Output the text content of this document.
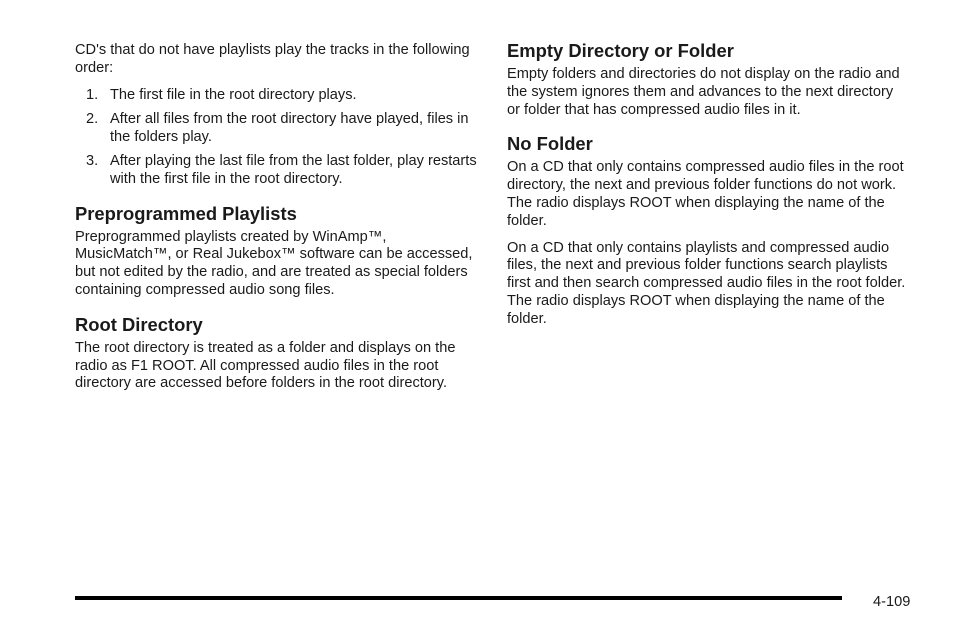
CD's that do not have playlists play the tracks in the following order:

1. The first file in the root directory plays.
2. After all files from the root directory have played, files in the folders play.
3. After playing the last file from the last folder, play restarts with the first file in the root directory.
Preprogrammed Playlists

Preprogrammed playlists created by WinAmp™, MusicMatch™, or Real Jukebox™ software can be accessed, but not edited by the radio, and are treated as special folders containing compressed audio song files.

Root Directory

The root directory is treated as a folder and displays on the radio as F1 ROOT. All compressed audio files in the root directory are accessed before folders in the root directory.

Empty Directory or Folder

Empty folders and directories do not display on the radio and the system ignores them and advances to the next directory or folder that has compressed audio files in it.

No Folder

On a CD that only contains compressed audio files in the root directory, the next and previous folder functions do not work. The radio displays ROOT when displaying the name of the folder.

On a CD that only contains playlists and compressed audio files, the next and previous folder functions search playlists first and then search compressed audio files in the root folder. The radio displays ROOT when displaying the name of the folder.

4-109
